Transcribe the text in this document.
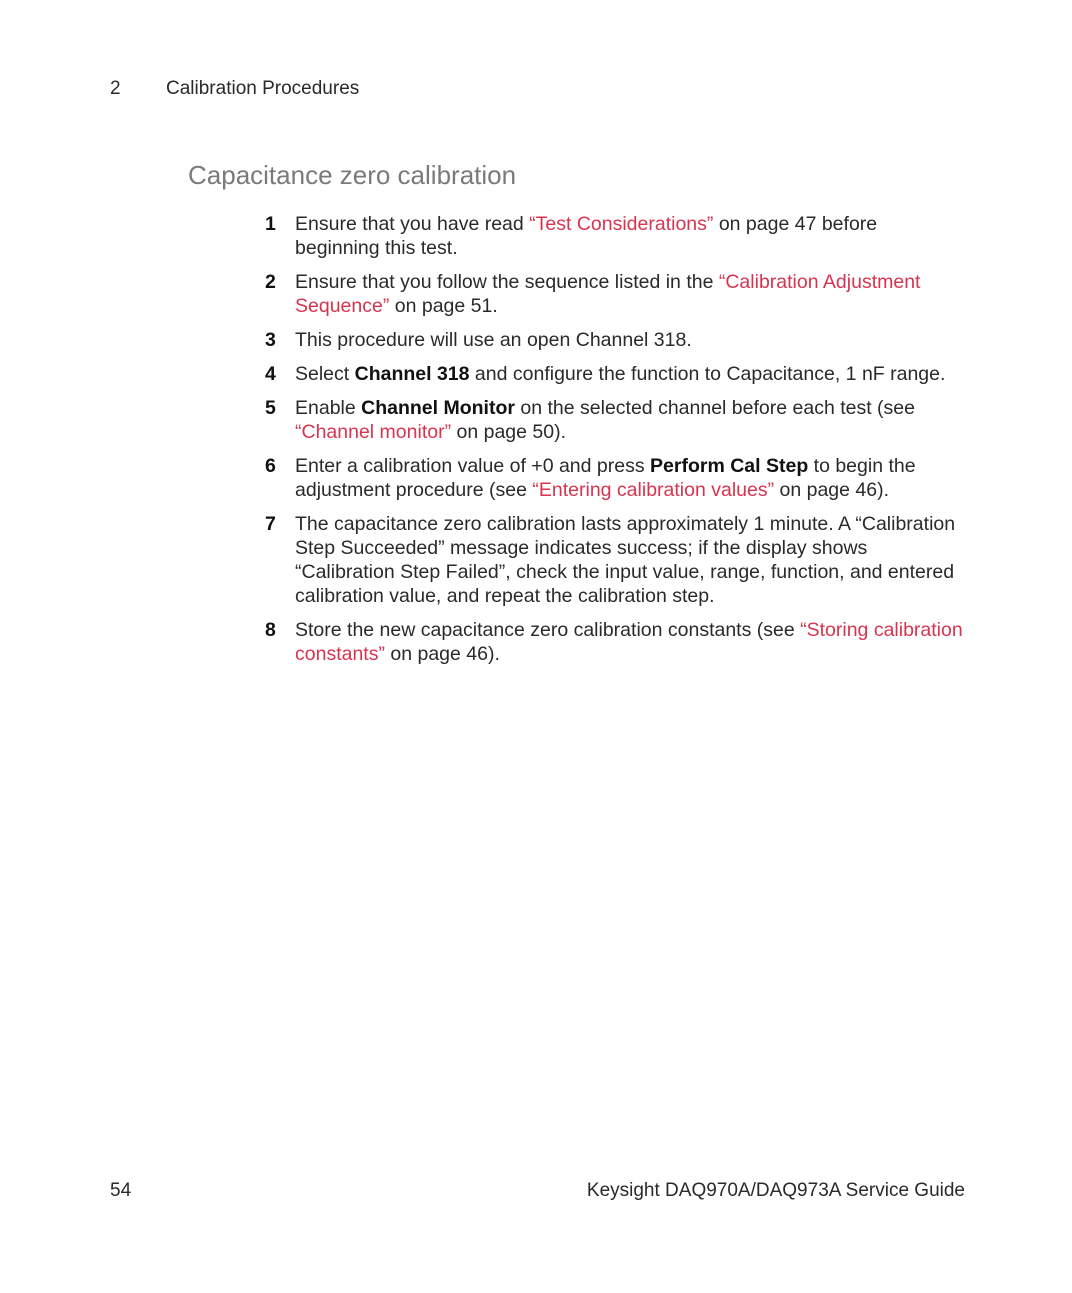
2	Calibration Procedures
Capacitance zero calibration
1 Ensure that you have read “Test Considerations” on page 47 before beginning this test.
2 Ensure that you follow the sequence listed in the “Calibration Adjustment Sequence” on page 51.
3 This procedure will use an open Channel 318.
4 Select Channel 318 and configure the function to Capacitance, 1 nF range.
5 Enable Channel Monitor on the selected channel before each test (see “Channel monitor” on page 50).
6 Enter a calibration value of +0 and press Perform Cal Step to begin the adjustment procedure (see “Entering calibration values” on page 46).
7 The capacitance zero calibration lasts approximately 1 minute. A “Calibration Step Succeeded” message indicates success; if the display shows “Calibration Step Failed”, check the input value, range, function, and entered calibration value, and repeat the calibration step.
8 Store the new capacitance zero calibration constants (see “Storing calibration constants” on page 46).
54	Keysight DAQ970A/DAQ973A Service Guide
